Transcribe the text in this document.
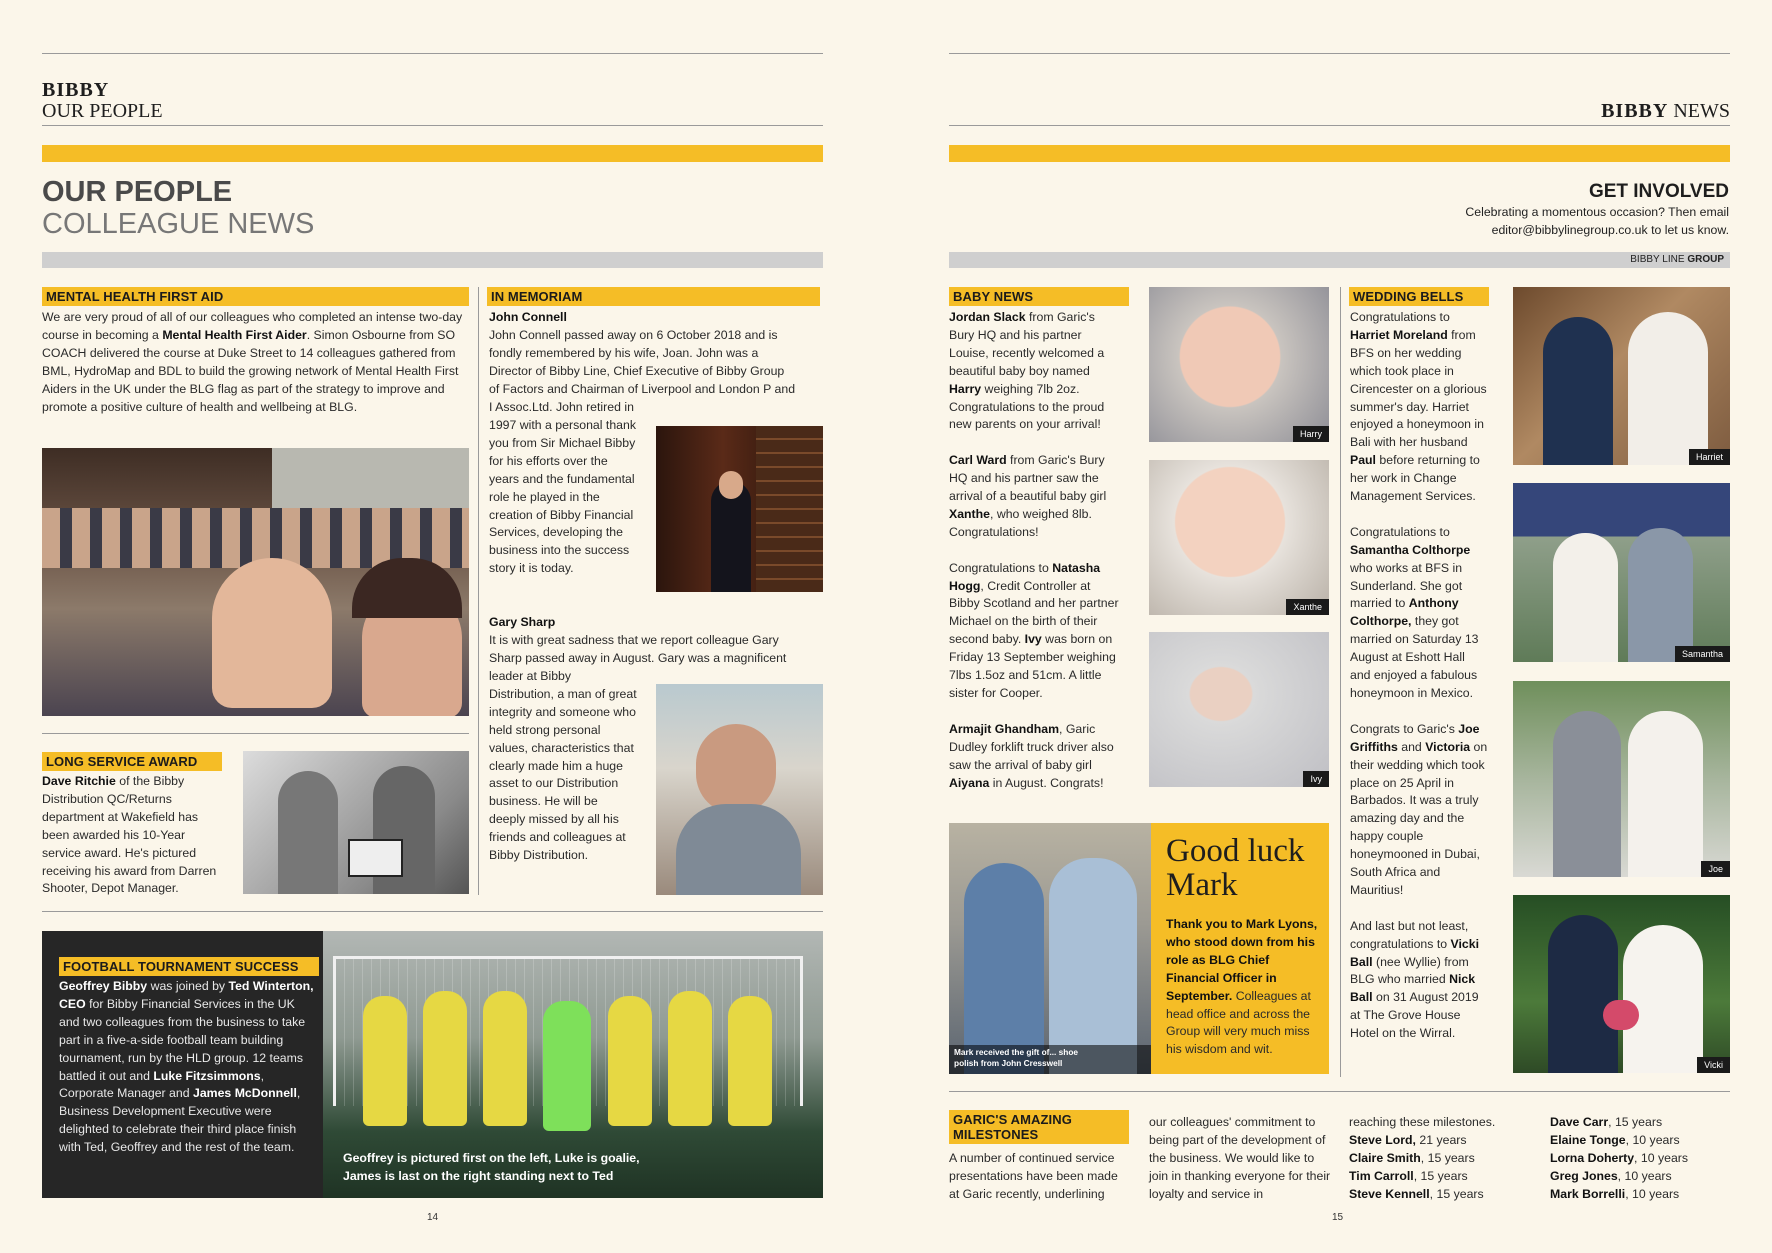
BIBBY
OUR PEOPLE
OUR PEOPLE
COLLEAGUE NEWS
MENTAL HEALTH FIRST AID
We are very proud of all of our colleagues who completed an intense two-day course in becoming a Mental Health First Aider. Simon Osbourne from SO COACH delivered the course at Duke Street to 14 colleagues gathered from BML, HydroMap and BDL to build the growing network of Mental Health First Aiders in the UK under the BLG flag as part of the strategy to improve and promote a positive culture of health and wellbeing at BLG.
LONG SERVICE AWARD
Dave Ritchie of the Bibby Distribution QC/Returns department at Wakefield has been awarded his 10-Year service award. He's pictured receiving his award from Darren Shooter, Depot Manager.
IN MEMORIAM
John Connell
John Connell passed away on 6 October 2018 and is fondly remembered by his wife, Joan. John was a Director of Bibby Line, Chief Executive of Bibby Group of Factors and Chairman of Liverpool and London P and I Assoc.Ltd. John retired in
1997 with a personal thank you from Sir Michael Bibby for his efforts over the years and the fundamental role he played in the creation of Bibby Financial Services, developing the business into the success story it is today.
Gary Sharp
It is with great sadness that we report colleague Gary Sharp passed away in August. Gary was a magnificent
leader at Bibby Distribution, a man of great integrity and someone who held strong personal values, characteristics that clearly made him a huge asset to our Distribution business. He will be deeply missed by all his friends and colleagues at Bibby Distribution.
FOOTBALL TOURNAMENT SUCCESS
Geoffrey Bibby was joined by Ted Winterton, CEO for Bibby Financial Services in the UK and two colleagues from the business to take part in a five-a-side football team building tournament, run by the HLD group. 12 teams battled it out and Luke Fitzsimmons, Corporate Manager and James McDonnell, Business Development Executive were delighted to celebrate their third place finish with Ted, Geoffrey and the rest of the team.
Geoffrey is pictured first on the left, Luke is goalie, James is last on the right standing next to Ted
14
BIBBY NEWS
GET INVOLVED
Celebrating a momentous occasion? Then email
editor@bibbylinegroup.co.uk to let us know.
BIBBY LINE GROUP
BABY NEWS

Jordan Slack from Garic's Bury HQ and his partner Louise, recently welcomed a beautiful baby boy named Harry weighing 7lb 2oz. Congratulations to the proud new parents on your arrival!

Carl Ward from Garic's Bury HQ and his partner saw the arrival of a beautiful baby girl Xanthe, who weighed 8lb. Congratulations!

Congratulations to Natasha Hogg, Credit Controller at Bibby Scotland and her partner Michael on the birth of their second baby. Ivy was born on Friday 13 September weighing 7lbs 1.5oz and 51cm. A little sister for Cooper.

Armajit Ghandham, Garic Dudley forklift truck driver also saw the arrival of baby girl Aiyana in August. Congrats!

Harry
Xanthe
Ivy
Mark received the gift of... shoe polish from John Cresswell
Good luck
Mark
Thank you to Mark Lyons, who stood down from his role as BLG Chief Financial Officer in September. Colleagues at head office and across the Group will very much miss his wisdom and wit.
WEDDING BELLS

Congratulations to Harriet Moreland from BFS on her wedding which took place in Cirencester on a glorious summer's day. Harriet enjoyed a honeymoon in Bali with her husband Paul before returning to her work in Change Management Services.

Congratulations to Samantha Colthorpe who works at BFS in Sunderland. She got married to Anthony Colthorpe, they got married on Saturday 13 August at Eshott Hall and enjoyed a fabulous honeymoon in Mexico.

Congrats to Garic's Joe Griffiths and Victoria on their wedding which took place on 25 April in Barbados. It was a truly amazing day and the happy couple honeymooned in Dubai, South Africa and Mauritius!

And last but not least, congratulations to Vicki Ball (nee Wyllie) from BLG who married Nick Ball on 31 August 2019 at The Grove House Hotel on the Wirral.

Harriet
Samantha
Joe
Vicki
GARIC'S AMAZING
MILESTONES
A number of continued service presentations have been made at Garic recently, underlining
our colleagues' commitment to being part of the development of the business. We would like to join in thanking everyone for their loyalty and service in
reaching these milestones.
Steve Lord, 21 years
Claire Smith, 15 years
Tim Carroll, 15 years
Steve Kennell, 15 years
Dave Carr, 15 years
Elaine Tonge, 10 years
Lorna Doherty, 10 years
Greg Jones, 10 years
Mark Borrelli, 10 years
15
